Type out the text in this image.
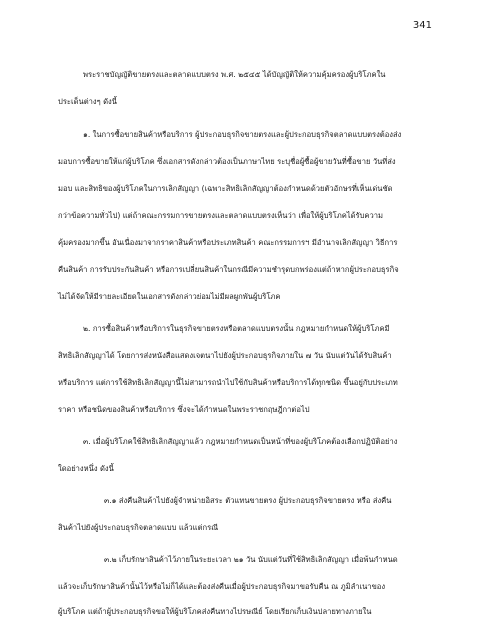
341
พระราชบัญญัติขายตรงและตลาดแบบตรง พ.ศ. ๒๕๔๕ ได้บัญญัติให้ความคุ้มครองผู้บริโภคใน
ประเด็นต่างๆ ดังนี้
๑. ในการซื้อขายสินค้าหรือบริการ ผู้ประกอบธุรกิจขายตรงและผู้ประกอบธุรกิจตลาดแบบตรงต้องส่ง
มอบการซื้อขายให้แก่ผู้บริโภค ซึ่งเอกสารดังกล่าวต้องเป็นภาษาไทย ระบุชื่อผู้ซื้อผู้ขายวันที่ซื้อขาย วันที่ส่ง
มอบ และสิทธิของผู้บริโภคในการเลิกสัญญา (เฉพาะสิทธิเลิกสัญญาต้องกำหนดด้วยตัวอักษรที่เห็นเด่นชัด
กว่าข้อความทั่วไป) แต่ถ้าคณะกรรมการขายตรงและตลาดแบบตรงเห็นว่า เพื่อให้ผู้บริโภคได้รับความ
คุ้มครองมากขึ้น อันเนื่องมาจากราคาสินค้าหรือประเภทสินค้า คณะกรรมการฯ มีอำนาจเลิกสัญญา วิธีการ
คืนสินค้า การรับประกันสินค้า หรือการเปลี่ยนสินค้าในกรณีมีความชำรุดบกพร่องแต่ถ้าหากผู้ประกอบธุรกิจ
ไม่ได้จัดให้มีรายละเอียดในเอกสารดังกล่าวย่อมไม่มีผลผูกพันผู้บริโภค
๒. การซื้อสินค้าหรือบริการในธุรกิจขายตรงหรือตลาดแบบตรงนั้น กฎหมายกำหนดให้ผู้บริโภคมี
สิทธิเลิกสัญญาได้ โดยการส่งหนังสือแสดงเจตนาไปยังผู้ประกอบธุรกิจภายใน ๗ วัน นับแต่วันได้รับสินค้า
หรือบริการ แต่การใช้สิทธิเลิกสัญญานี้ไม่สามารถนำไปใช้กับสินค้าหรือบริการได้ทุกชนิด ขึ้นอยู่กับประเภท
ราคา หรือชนิดของสินค้าหรือบริการ ซึ่งจะได้กำหนดในพระราชกฤษฎีกาต่อไป
๓. เมื่อผู้บริโภคใช้สิทธิเลิกสัญญาแล้ว กฎหมายกำหนดเป็นหน้าที่ของผู้บริโภคต้องเลือกปฏิบัติอย่าง
ใดอย่างหนึ่ง ดังนี้
๓.๑ ส่งคืนสินค้าไปยังผู้จำหน่ายอิสระ ตัวแทนขายตรง ผู้ประกอบธุรกิจขายตรง หรือ ส่งคืน
สินค้าไปยังผู้ประกอบธุรกิจตลาดแบบ แล้วแต่กรณี
๓.๒ เก็บรักษาสินค้าไว้ภายในระยะเวลา ๒๑ วัน นับแต่วันที่ใช้สิทธิเลิกสัญญา เมื่อพ้นกำหนด
แล้วจะเก็บรักษาสินค้านั้นไว้หรือไม่ก็ได้และต้องส่งคืนเมื่อผู้ประกอบธุรกิจมาขอรับคืน ณ ภูมิลำเนาของ
ผู้บริโภค แต่ถ้าผู้ประกอบธุรกิจขอให้ผู้บริโภคส่งคืนทางไปรษณีย์ โดยเรียกเก็บเงินปลายทางภายใน
